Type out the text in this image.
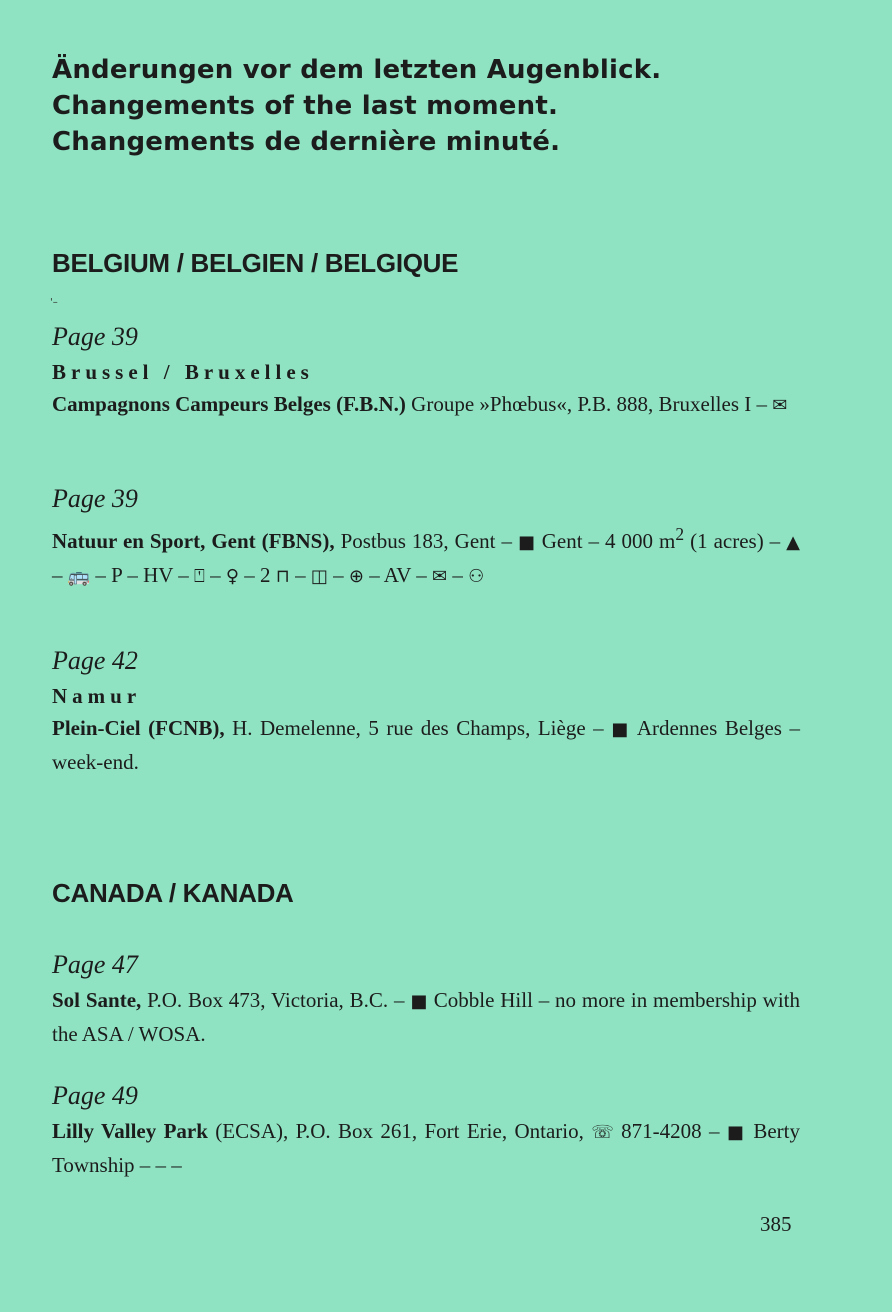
Änderungen vor dem letzten Augenblick.
Changements of the last moment.
Changements de dernière minuté.
BELGIUM / BELGIEN / BELGIQUE
'–
Page 39
Brussel / Bruxelles
Campagnons Campeurs Belges (F.B.N.) Groupe »Phœbus«, P.B. 888, Bruxelles I – ✉
Page 39
Natuur en Sport, Gent (FBNS), Postbus 183, Gent – ■ Gent – 4 000 $m^2$ (1 acres) – ▲ – 🚌 – P – HV – ⍞ – ♀ – 2 ⊓ – ◫ – ⊕ – AV – ✉ – ⚇
Page 42
Namur
Plein-Ciel (FCNB), H. Demelenne, 5 rue des Champs, Liège – ■ Ardennes Belges – week-end.
CANADA / KANADA
Page 47
Sol Sante, P.O. Box 473, Victoria, B.C. – ■ Cobble Hill – no more in membership with the ASA / WOSA.
Page 49
Lilly Valley Park (ECSA), P.O. Box 261, Fort Erie, Ontario, ☏ 871-4208 – ■ Berty Township – – –
385
